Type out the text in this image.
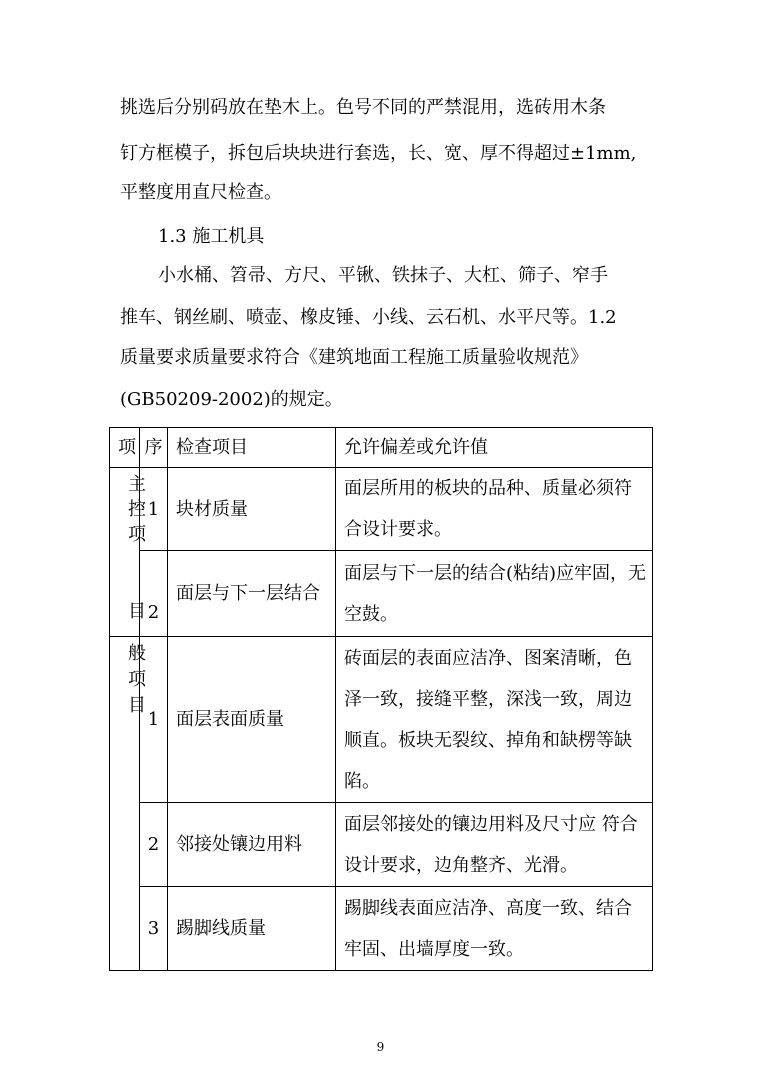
挑选后分别码放在垫木上。色号不同的严禁混用，选砖用木条
钉方框模子，拆包后块块进行套选，长、宽、厚不得超过±1mm,
平整度用直尺检查。
1.3 施工机具
小水桶、笤帚、方尺、平锹、铁抹子、大杠、筛子、窄手
推车、钢丝刷、喷壶、橡皮锤、小线、云石机、水平尺等。1.2
质量要求质量要求符合《建筑地面工程施工质量验收规范》
(GB50209-2002)的规定。
项	序	检查项目	允许偏差或允许值

主
控
项
目	1	块材质量	面层所用的板块的品种、质量必须符合设计要求。
	2	面层与下一层结合	面层与下一层的结合(粘结)应牢固，无空鼓。

般
项
目	1	面层表面质量	砖面层的表面应洁净、图案清晰，色泽一致，接缝平整，深浅一致，周边顺直。板块无裂纹、掉角和缺楞等缺陷。
	2	邻接处镶边用料	面层邻接处的镶边用料及尺寸应 符合设计要求，边角整齐、光滑。
	3	踢脚线质量	踢脚线表面应洁净、高度一致、结合牢固、出墙厚度一致。
9
